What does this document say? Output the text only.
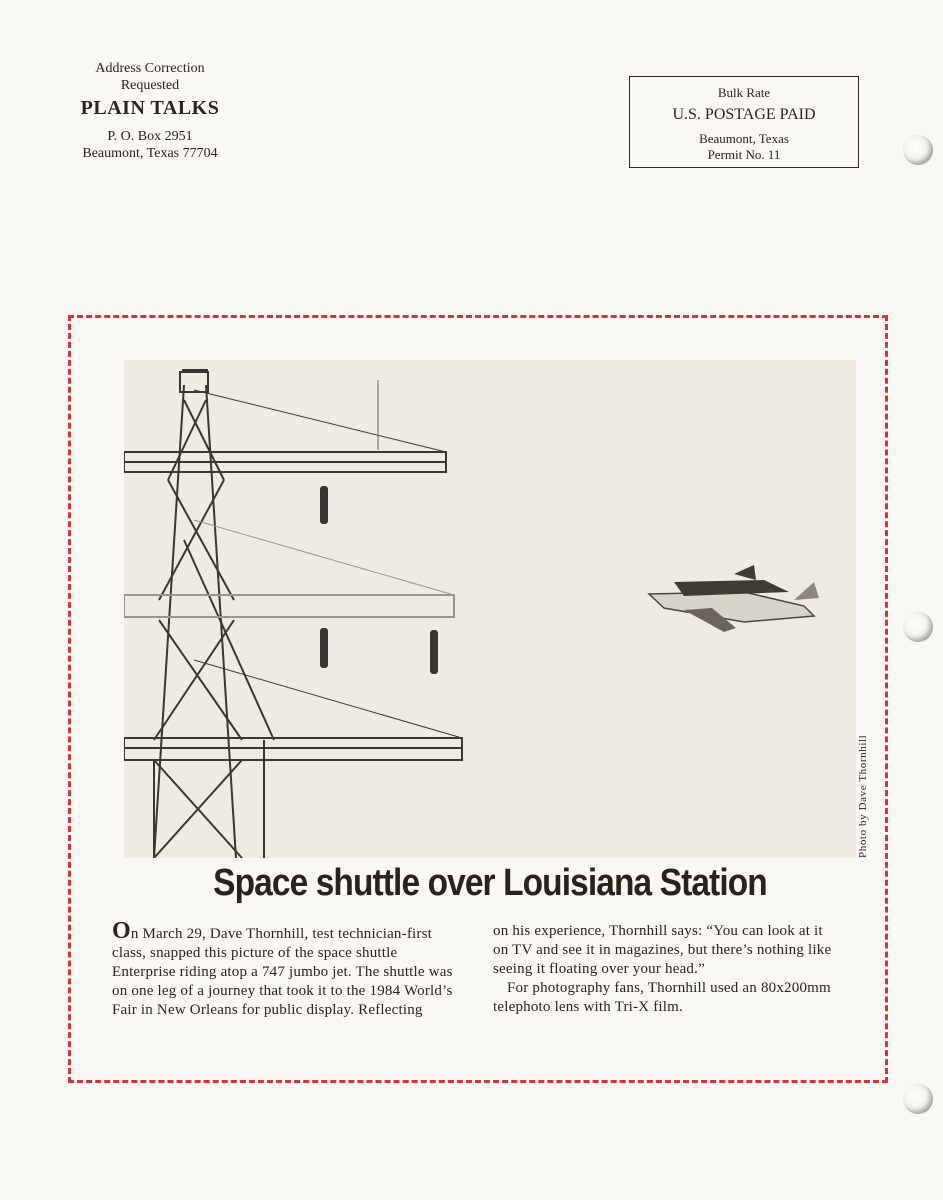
Address Correction
Requested
PLAIN TALKS
P. O. Box 2951
Beaumont, Texas 77704
Bulk Rate
U.S. POSTAGE PAID
Beaumont, Texas
Permit No. 11
Photo by Dave Thornhill
Space shuttle over Louisiana Station

On March 29, Dave Thornhill, test technician-first class, snapped this picture of the space shuttle Enterprise riding atop a 747 jumbo jet. The shuttle was on one leg of a journey that took it to the 1984 World’s Fair in New Orleans for public display. Reflecting

on his experience, Thornhill says: “You can look at it on TV and see it in magazines, but there’s nothing like seeing it floating over your head.”

For photography fans, Thornhill used an 80x200mm telephoto lens with Tri-X film.
